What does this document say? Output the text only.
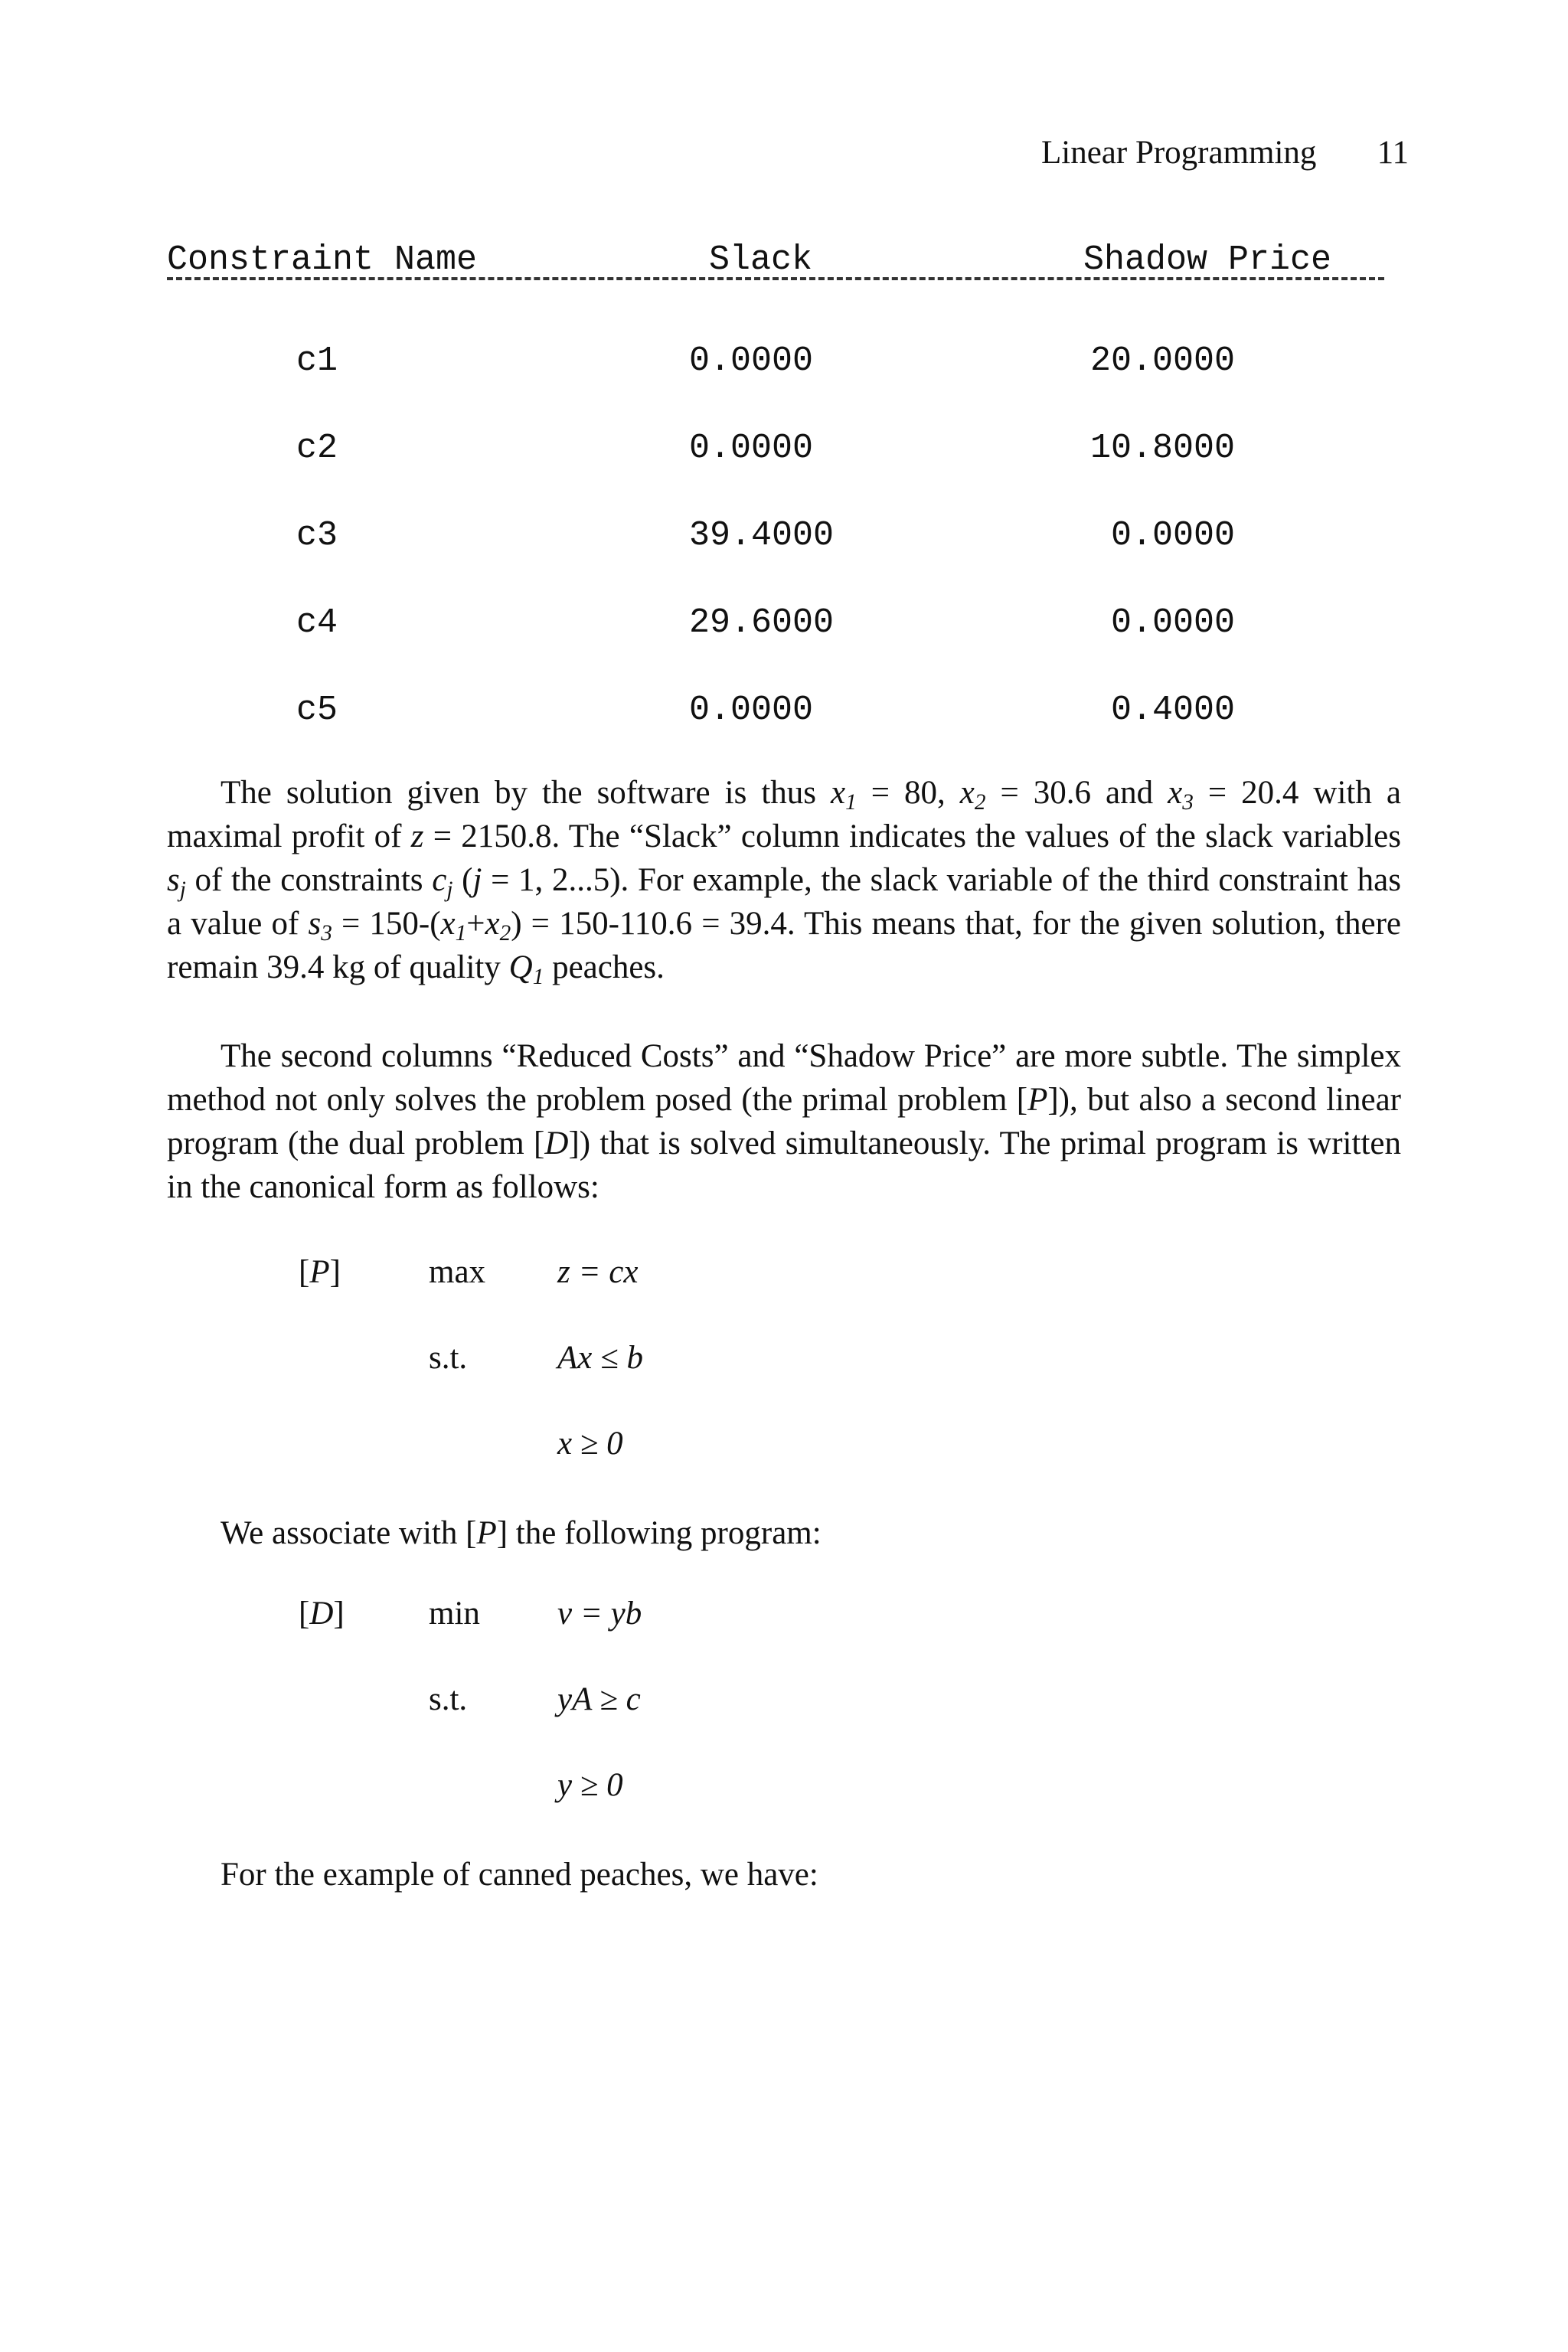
Linear Programming 11
Constraint Name	Slack	Shadow Price
c1	0.0000	20.0000
c2	0.0000	10.8000
c3	39.4000	0.0000
c4	29.6000	0.0000
c5	0.0000	0.4000

The solution given by the software is thus $x_1 = 80$, $x_2 = 30.6$ and $x_3 = 20.4$ with a maximal profit of z = 2150.8. The “Slack” column indicates the values of the slack variables $s_j$ of the constraints $c_j$ (j = 1, 2...5). For example, the slack variable of the third constraint has a value of $s_3 = 150-(x_1+x_2) = 150-110.6 = 39.4$. This means that, for the given solution, there remain 39.4 kg of quality $Q_1$ peaches.

The second columns “Reduced Costs” and “Shadow Price” are more subtle. The simplex method not only solves the problem posed (the primal problem [P]), but also a second linear program (the dual problem [D]) that is solved simultaneously. The primal program is written in the canonical form as follows:

[P]	max z = cx
s.t.	Ax ≤ b
x ≥ 0

We associate with [P] the following program:

[D]	min v = yb
s.t.	yA ≥ c
y ≥ 0

For the example of canned peaches, we have:
